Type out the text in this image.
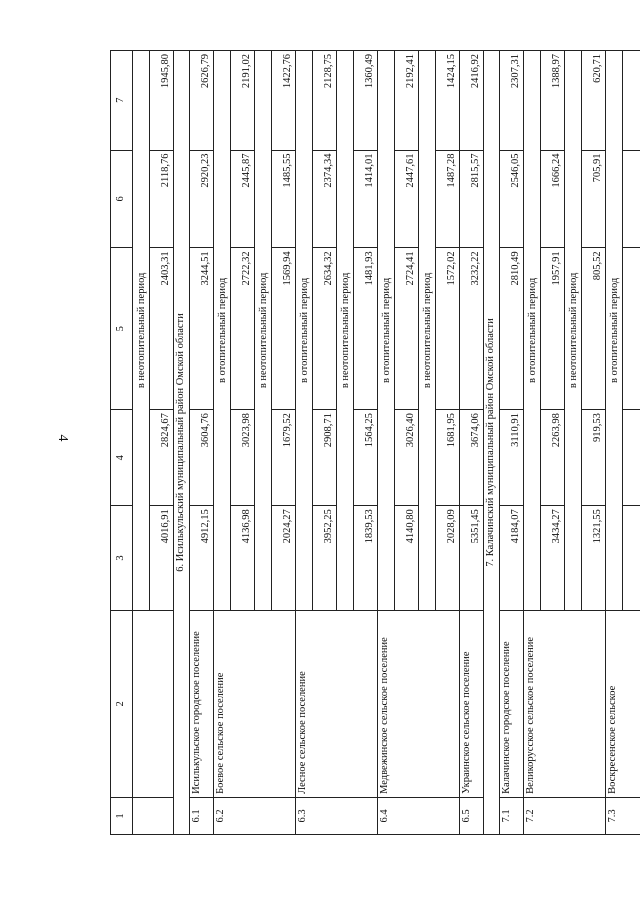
4
1	2	3	4	5	6	7
		в неотопительный период				
		4016,91	2824,67	2403,31	2118,76	1945,80
6. Исилькульский муниципальный район Омской области						
6.1	Исилькульское городское поселение	4912,15	3604,76	3244,51	2920,23	2626,79
6.2	Боевое сельское поселение	в отопительный период				
		4136,98	3023,98	2722,32	2445,87	2191,02
		в неотопительный период				
		2024,27	1679,52	1569,94	1485,55	1422,76
6.3	Лесное сельское поселение	в отопительный период				
		3952,25	2908,71	2634,32	2374,34	2128,75
		в неотопительный период				
		1839,53	1564,25	1481,93	1414,01	1360,49
6.4	Медвежинское сельское поселение	в отопительный период				
		4140,80	3026,40	2724,41	2447,61	2192,41
		в неотопительный период				
		2028,09	1681,95	1572,02	1487,28	1424,15
6.5	Украинское сельское поселение	5351,45	3674,06	3232,22	2815,57	2416,92
7. Калачинский муниципальный район Омской области						
7.1	Калачинское городское поселение	4184,07	3110,91	2810,49	2546,05	2307,31
7.2	Великорусское сельское поселение	в отопительный период				
		3434,27	2263,98	1957,91	1666,24	1388,97
		в неотопительный период				
		1321,55	919,53	805,52	705,91	620,71
7.3	Воскресенское сельское	в отопительный период				
